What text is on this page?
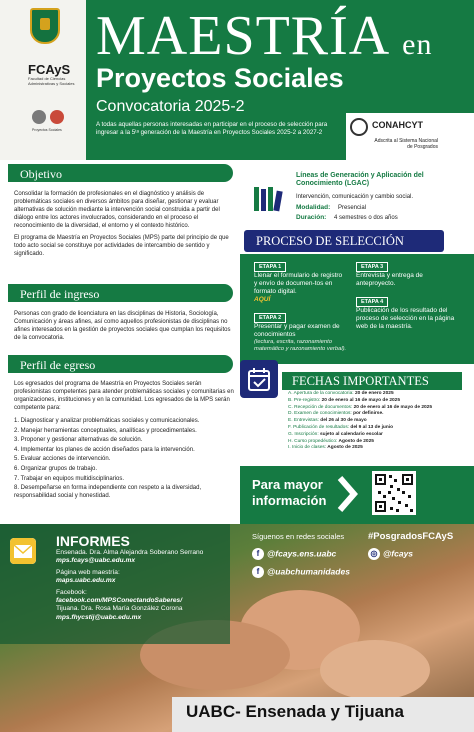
FCAyS
Facultad de Ciencias Administrativas y Sociales
Proyectos Sociales
MAESTRÍA en
Proyectos Sociales
Convocatoria 2025-2
A todas aquellas personas interesadas en participar en el proceso de selección para ingresar a la 5ᵗᵃ generación de la Maestría en Proyectos Sociales 2025-2 a 2027-2
CONAHCYT
Adscrita al Sistema Nacional de Posgrados
Objetivo

Consolidar la formación de profesionales en el diagnóstico y análisis de problemáticas sociales en diversos ámbitos para diseñar, gestionar y evaluar alternativas de solución mediante la intervención social construida a partir del diálogo entre los actores involucrados, considerando en el proceso el reconocimiento de la diversidad, el entorno y el contexto histórico.

El programa de Maestría en Proyectos Sociales (MPS) parte del principio de que todo acto social se constituye por actividades de intercambio de sentido y significado.

Perfil de ingreso
Personas con grado de licenciatura en las disciplinas de Historia, Sociología, Comunicación y áreas afines, así como aquellos profesionistas de disciplinas no afines interesados en la gestión de proyectos sociales que cumplan los requisitos de la convocatoria.
Perfil de egreso
Los egresados del programa de Maestría en Proyectos Sociales serán profesionistas competentes para atender problemáticas sociales y comunitarias en organizaciones, instituciones y en la comunidad. Los egresados de la MPS serán competente para:
1. Diagnosticar y analizar problemáticas sociales y comunicacionales.
2. Manejar herramientas conceptuales, analíticas y procedimentales.
3. Proponer y gestionar alternativas de solución.
4. Implementar los planes de acción diseñados para la intervención.
5. Evaluar acciones de intervención.
6. Organizar grupos de trabajo.
7. Trabajar en equipos multidisciplinarios.
8. Desempeñarse en forma independiente con respeto a la diversidad, responsabilidad social y honestidad.
Líneas de Generación y Aplicación del Conocimiento (LGAC)
Intervención, comunicación y cambio social.
Modalidad: Presencial
Duración: 4 semestres o dos años
PROCESO DE SELECCIÓN
ETAPA 1
Llenar el formulario de registro y envío de documen-tos en formato digital.
AQUÍ
ETAPA 2
Presentar y pagar examen de conocimientos
(lectura, escrita, razonamiento matemático y razonamiento verbal).
ETAPA 3
Entrevista y entrega de anteproyecto.
ETAPA 4
Publicación de los resultado del proceso de selección en la página web de la maestría.
FECHAS IMPORTANTES
A. Apertura de la convocatoria: 20 de enero 2025
B. Pre-registro: 20 de enero al 16 de mayo de 2025
C. Recepción de documentos: 20 de enero al 16 de mayo de 2025
D. Examen de conocimientos: por definirse.
E. Entrevistas: del 26 al 30 de mayo
F. Publicación de resultados: del 9 al 13 de junio
G. Inscripción: sujeto al calendario escolar
H. Curso propedéutico: Agosto de 2025
I. Inicio de clases: Agosto de 2025
Para mayor
información
INFORMES
Ensenada. Dra. Alma Alejandra Soberano Serrano
mps.fcays@uabc.edu.mx
Página web maestría:
maps.uabc.edu.mx
Facebook:
facebook.com/MPSConectandoSaberes/
Tijuana. Dra. Rosa María González Corona
mps.fhycstij@uabc.edu.mx
Síguenos en redes sociales	#PosgradosFCAyS
f @fcays.ens.uabc	◎ @fcays
f @uabchumanidades
UABC- Ensenada y Tijuana
